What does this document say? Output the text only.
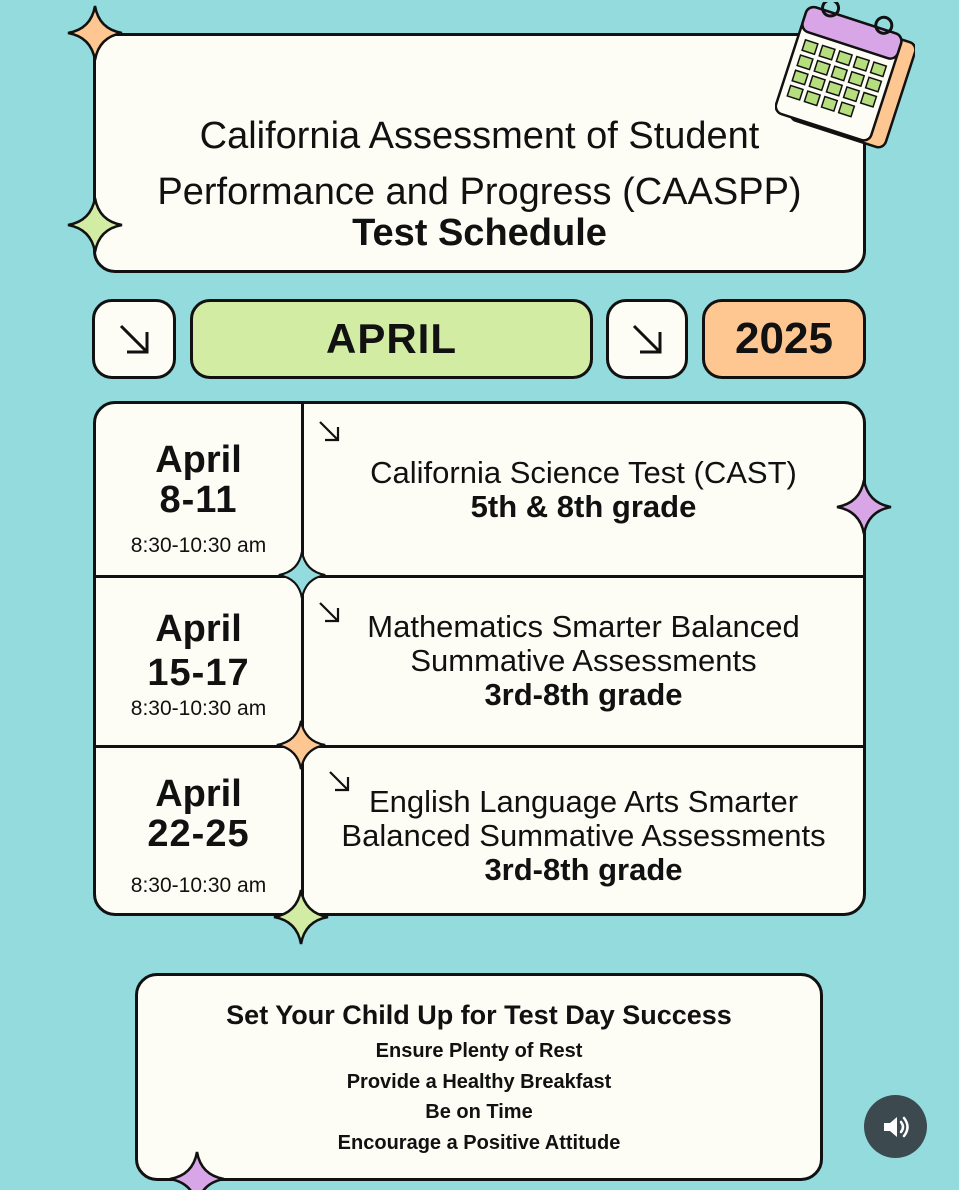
California Assessment of Student
Performance and Progress (CAASPP)
Test Schedule
APRIL	2025
April
8-11
8:30-10:30 am
California Science Test (CAST)
5th & 8th grade
April
15-17
8:30-10:30 am
Mathematics Smarter Balanced
Summative Assessments
3rd-8th grade
April
22-25
8:30-10:30 am
English Language Arts Smarter
Balanced Summative Assessments
3rd-8th grade
Set Your Child Up for Test Day Success
Ensure Plenty of Rest
Provide a Healthy Breakfast
Be on Time
Encourage a Positive Attitude
